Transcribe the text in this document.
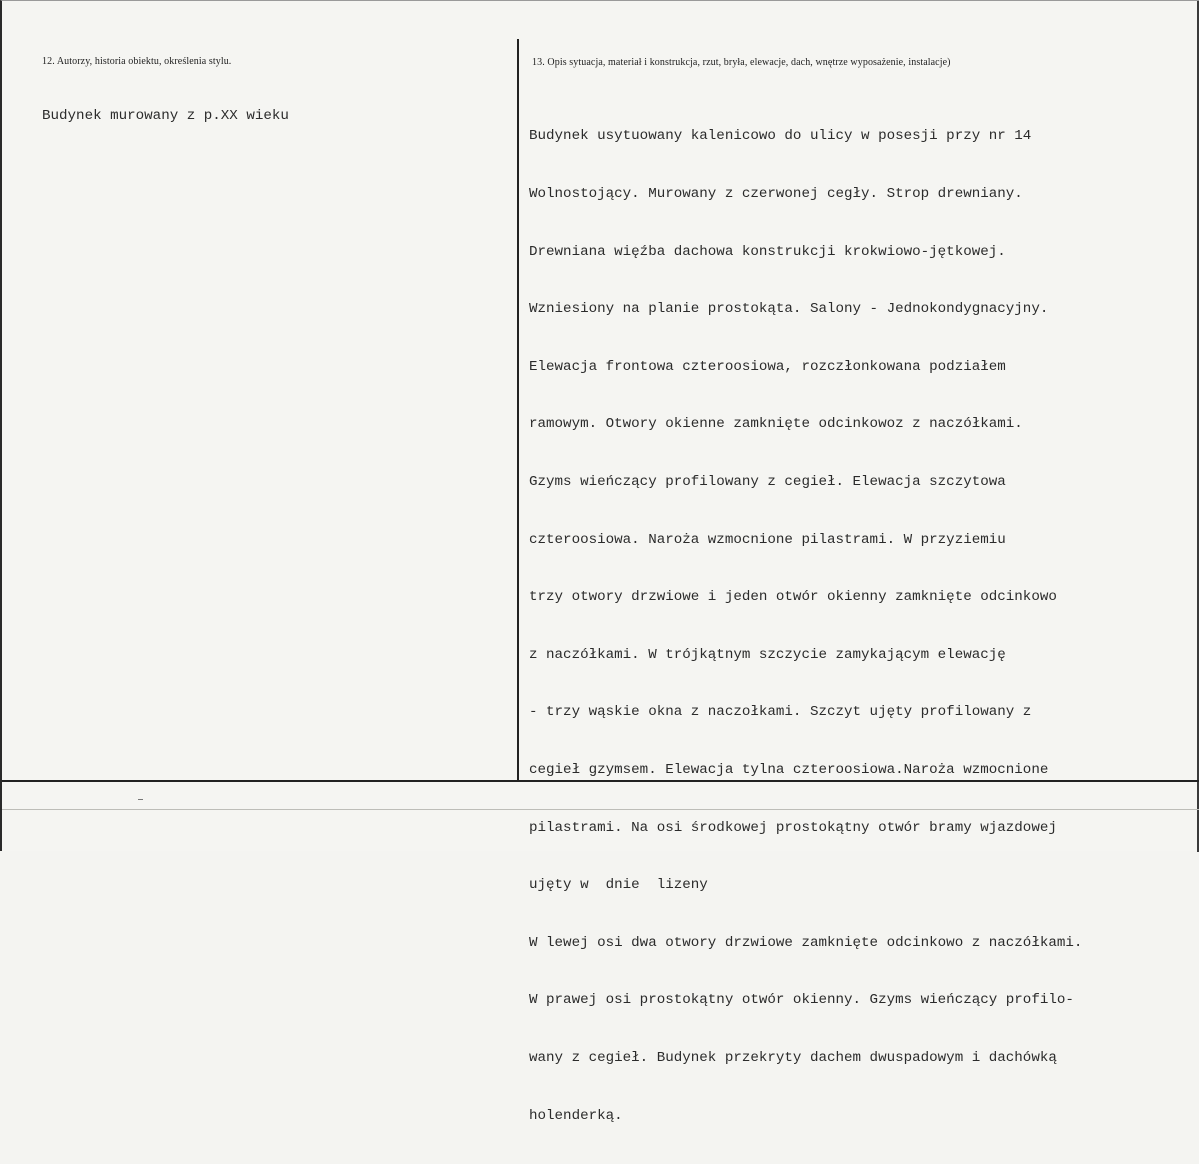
12. Autorzy, historia obiektu, określenia stylu.	13. Opis sytuacja, materiał i konstrukcja, rzut, bryła, elewacje, dach, wnętrze wyposażenie, instalacje)
Budynek murowany z p.XX wieku

Budynek usytuowany kalenicowo do ulicy w posesji przy nr 14

Wolnostojący. Murowany z czerwonej cegły. Strop drewniany.

Drewniana więźba dachowa konstrukcji krokwiowo-jętkowej.

Wzniesiony na planie prostokąta. Salony - Jednokondygnacyjny.

Elewacja frontowa czteroosiowa, rozczłonkowana podziałem

ramowym. Otwory okienne zamknięte odcinkowoz z naczółkami.

Gzyms wieńczący profilowany z cegieł. Elewacja szczytowa

czteroosiowa. Naroża wzmocnione pilastrami. W przyziemiu

trzy otwory drzwiowe i jeden otwór okienny zamknięte odcinkowo

z naczółkami. W trójkątnym szczycie zamykającym elewację

- trzy wąskie okna z naczołkami. Szczyt ujęty profilowany z

cegieł gzymsem. Elewacja tylna czteroosiowa.Naroża wzmocnione

pilastrami. Na osi środkowej prostokątny otwór bramy wjazdowej

ujęty w  dnie  lizeny

W lewej osi dwa otwory drzwiowe zamknięte odcinkowo z naczółkami.

W prawej osi prostokątny otwór okienny. Gzyms wieńczący profilo-

wany z cegieł. Budynek przekryty dachem dwuspadowym i dachówką

holenderką.
